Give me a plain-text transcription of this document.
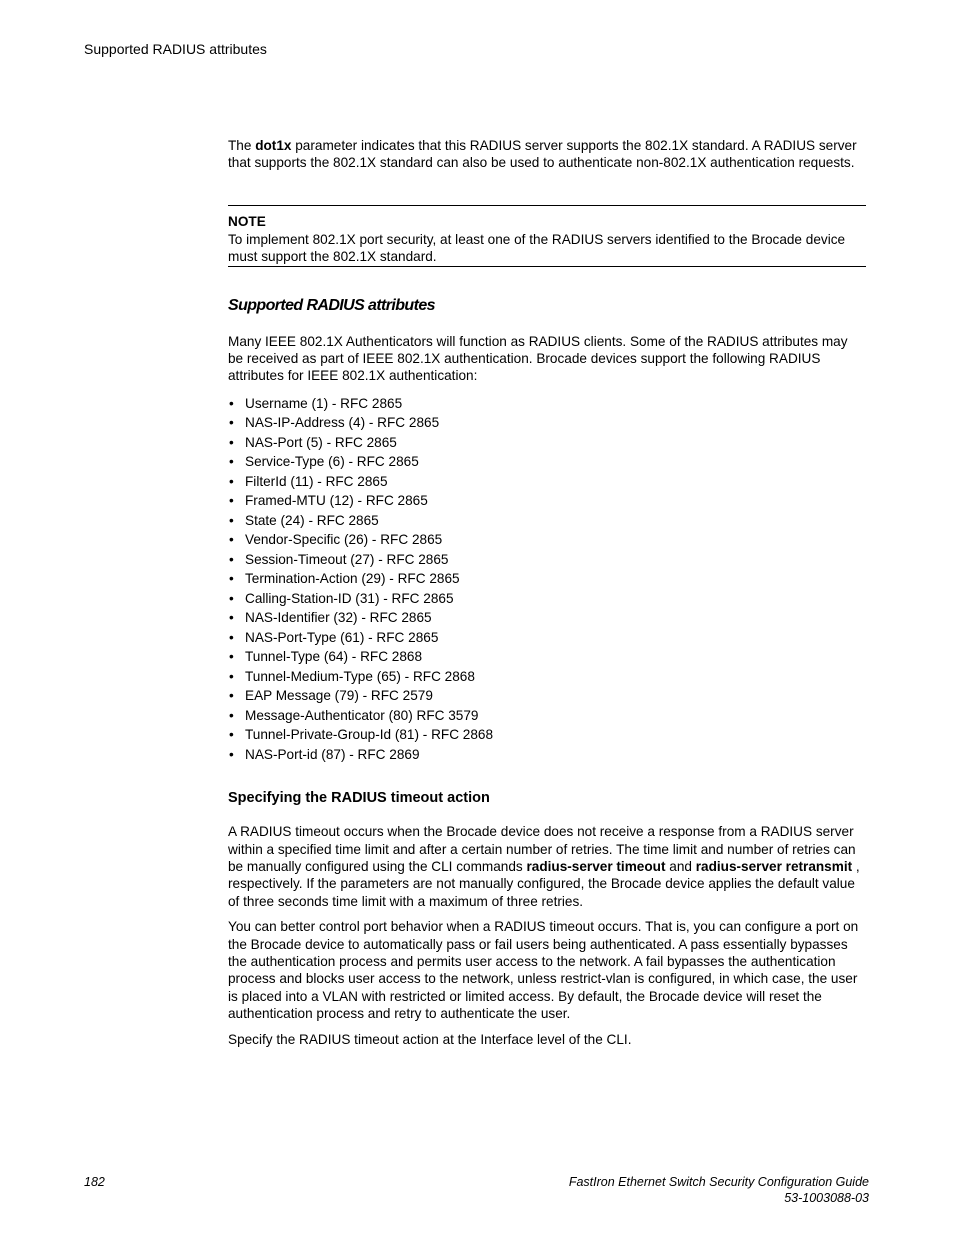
Supported RADIUS attributes

The dot1x parameter indicates that this RADIUS server supports the 802.1X standard. A RADIUS server that supports the 802.1X standard can also be used to authenticate non-802.1X authentication requests.

NOTE
To implement 802.1X port security, at least one of the RADIUS servers identified to the Brocade device must support the 802.1X standard.
Supported RADIUS attributes

Many IEEE 802.1X Authenticators will function as RADIUS clients. Some of the RADIUS attributes may be received as part of IEEE 802.1X authentication. Brocade devices support the following RADIUS attributes for IEEE 802.1X authentication:

• Username (1) - RFC 2865
• NAS-IP-Address (4) - RFC 2865
• NAS-Port (5) - RFC 2865
• Service-Type (6) - RFC 2865
• FilterId (11) - RFC 2865
• Framed-MTU (12) - RFC 2865
• State (24) - RFC 2865
• Vendor-Specific (26) - RFC 2865
• Session-Timeout (27) - RFC 2865
• Termination-Action (29) - RFC 2865
• Calling-Station-ID (31) - RFC 2865
• NAS-Identifier (32) - RFC 2865
• NAS-Port-Type (61) - RFC 2865
• Tunnel-Type (64) - RFC 2868
• Tunnel-Medium-Type (65) - RFC 2868
• EAP Message (79) - RFC 2579
• Message-Authenticator (80) RFC 3579
• Tunnel-Private-Group-Id (81) - RFC 2868
• NAS-Port-id (87) - RFC 2869
Specifying the RADIUS timeout action

A RADIUS timeout occurs when the Brocade device does not receive a response from a RADIUS server within a specified time limit and after a certain number of retries. The time limit and number of retries can be manually configured using the CLI commands radius-server timeout and radius-server retransmit , respectively. If the parameters are not manually configured, the Brocade device applies the default value of three seconds time limit with a maximum of three retries.

You can better control port behavior when a RADIUS timeout occurs. That is, you can configure a port on the Brocade device to automatically pass or fail users being authenticated. A pass essentially bypasses the authentication process and permits user access to the network. A fail bypasses the authentication process and blocks user access to the network, unless restrict-vlan is configured, in which case, the user is placed into a VLAN with restricted or limited access. By default, the Brocade device will reset the authentication process and retry to authenticate the user.

Specify the RADIUS timeout action at the Interface level of the CLI.

182	FastIron Ethernet Switch Security Configuration Guide
53-1003088-03
